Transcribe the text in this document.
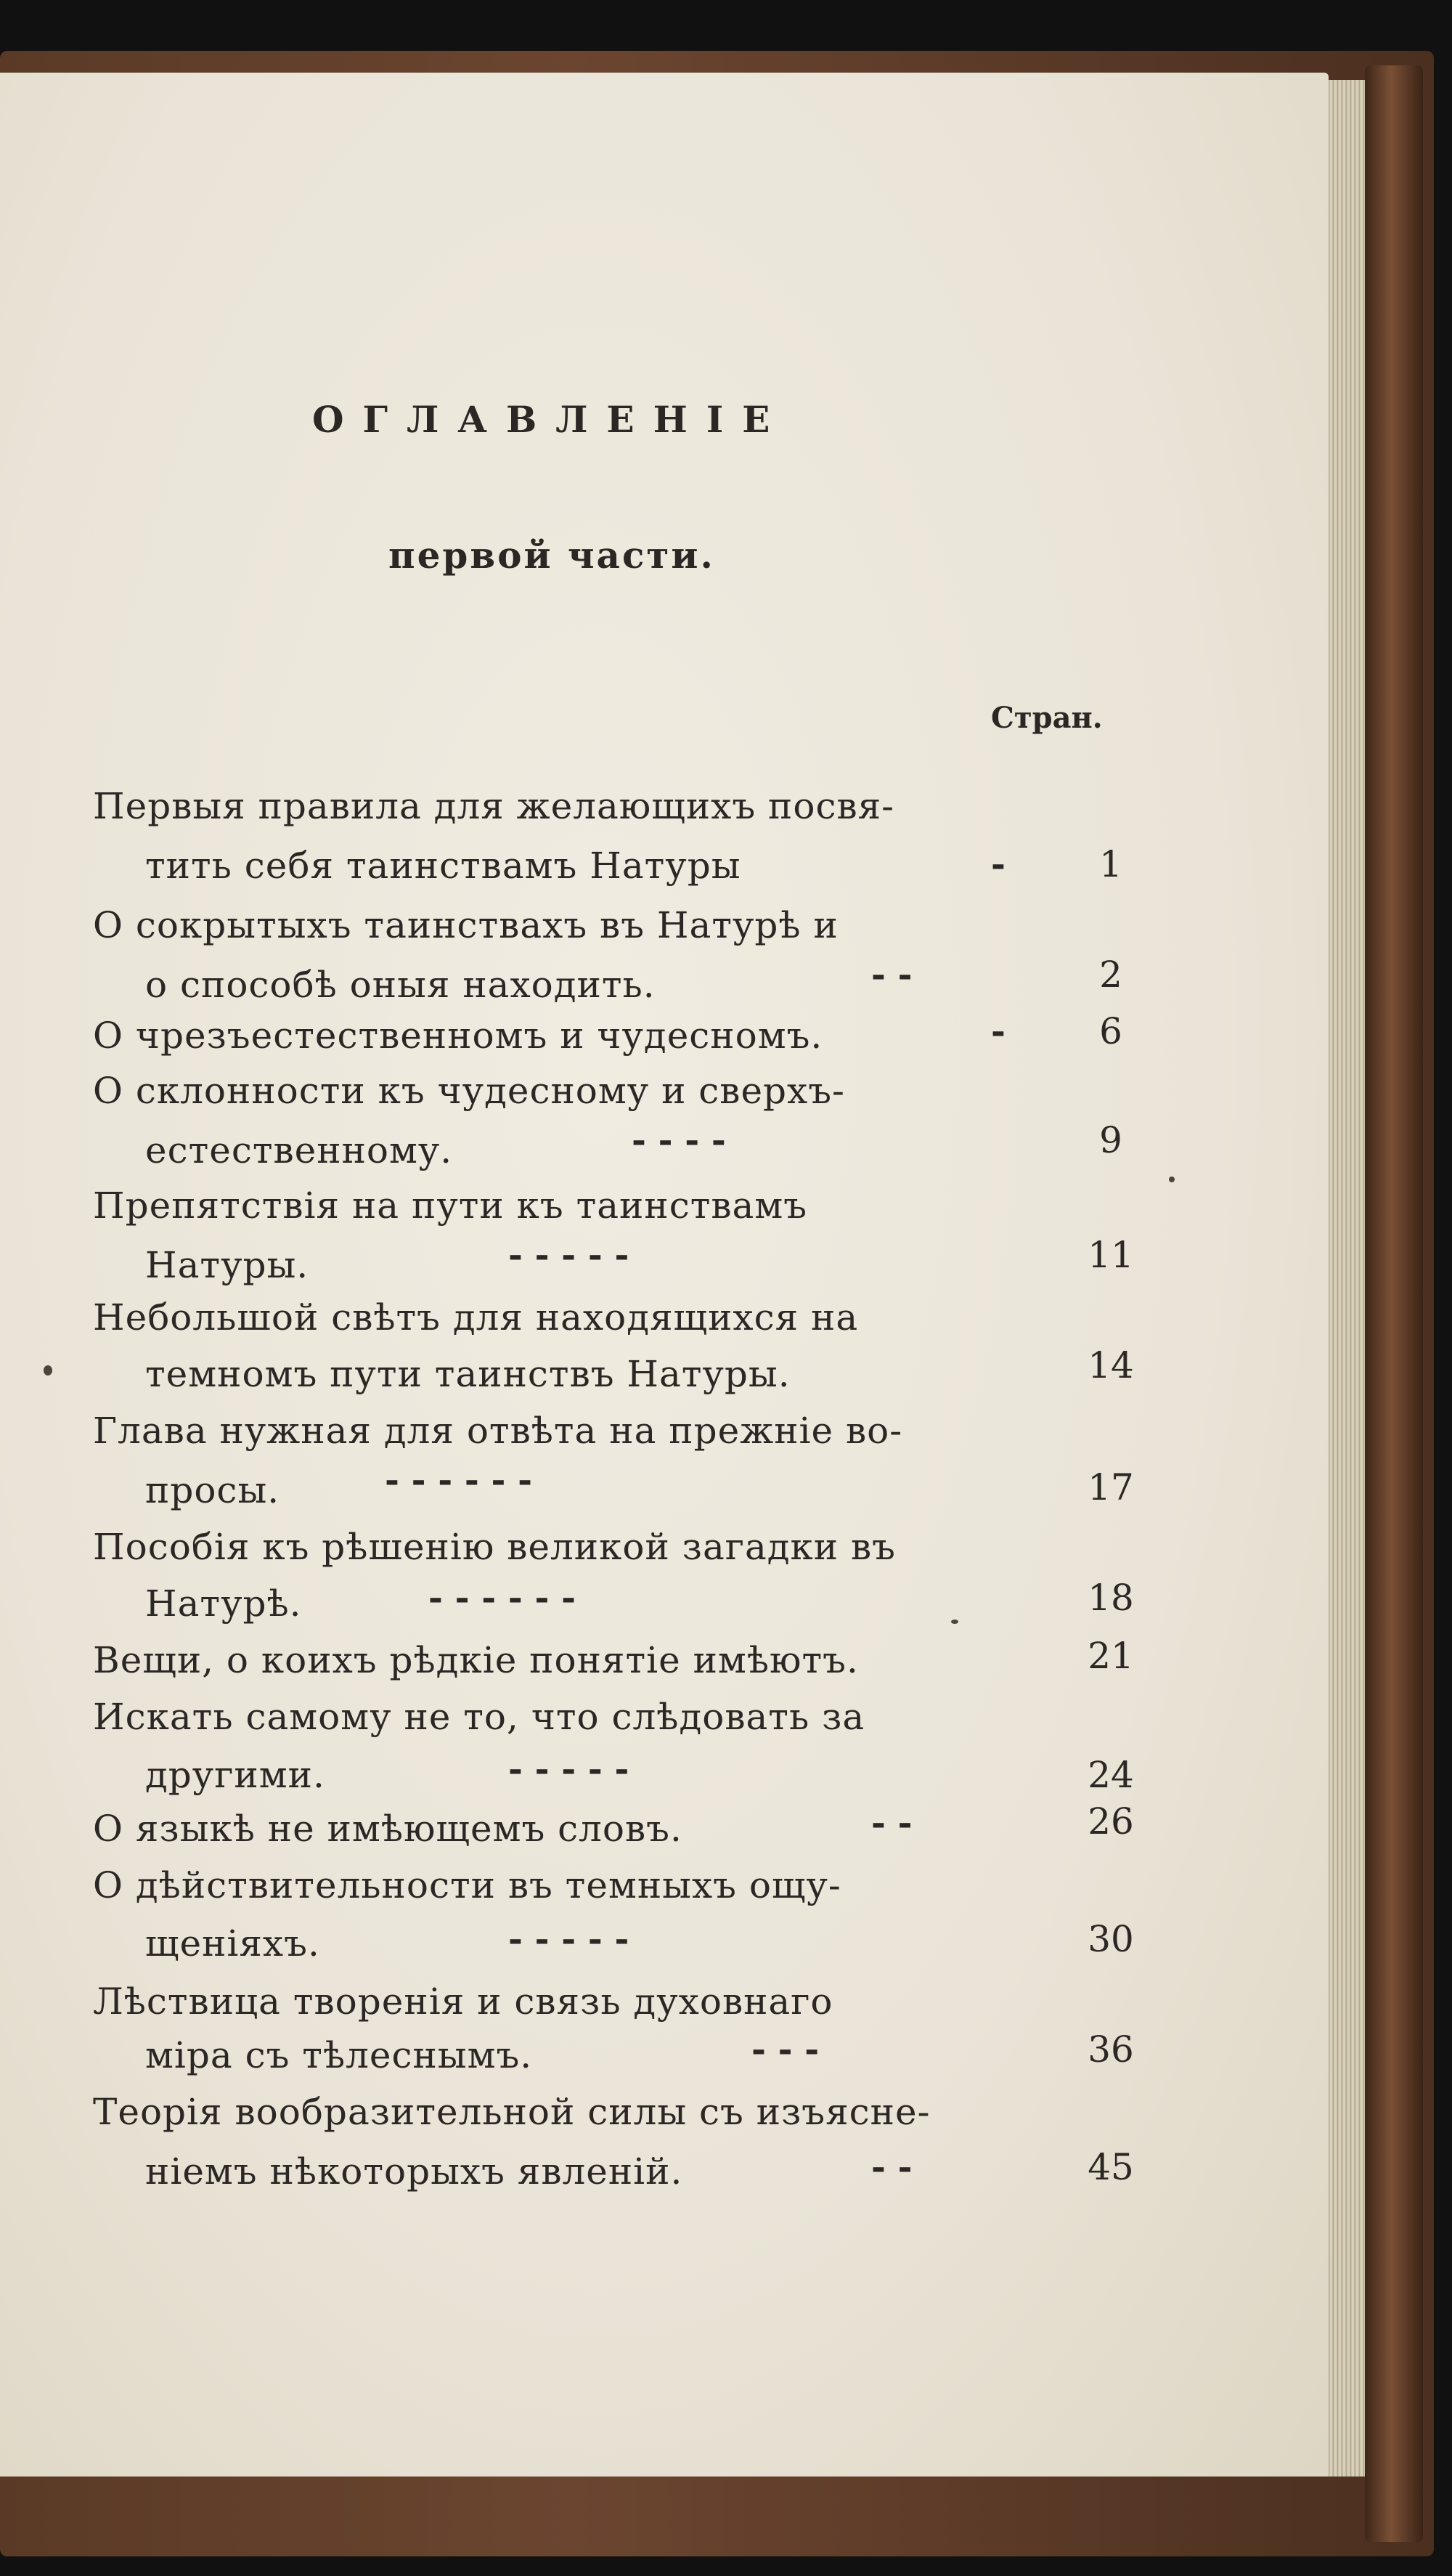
ОГЛАВЛЕНІЕ
первой части.
Стран.
Первыя правила для желающихъ посвя-
тить себя таинствамъ Натуры	-	1
О сокрытыхъ таинствахъ въ Натурѣ и
о способѣ оныя находить.	- -	2
О чрезъестественномъ и чудесномъ.	-	6
О склонности къ чудесному и сверхъ-
естественному.	- - - -	9
Препятствія на пути къ таинствамъ
Натуры.	- - - - -	11
Небольшой свѣтъ для находящихся на
темномъ пути таинствъ Натуры.	14
Глава нужная для отвѣта на прежніе во-
просы.	- - - - - -	17
Пособія къ рѣшенію великой загадки въ
Натурѣ.	- - - - - -	18
Вещи, о коихъ рѣдкіе понятіе имѣютъ.	21
Искать самому не то, что слѣдовать за
другими.	- - - - -	24
О языкѣ не имѣющемъ словъ.	- -	26
О дѣйствительности въ темныхъ ощу-
щеніяхъ.	- - - - -	30
Лѣствица творенія и связь духовнаго
міра съ тѣлеснымъ.	- - -	36
Теорія вообразительной силы съ изъясне-
ніемъ нѣкоторыхъ явленій.	- -	45
